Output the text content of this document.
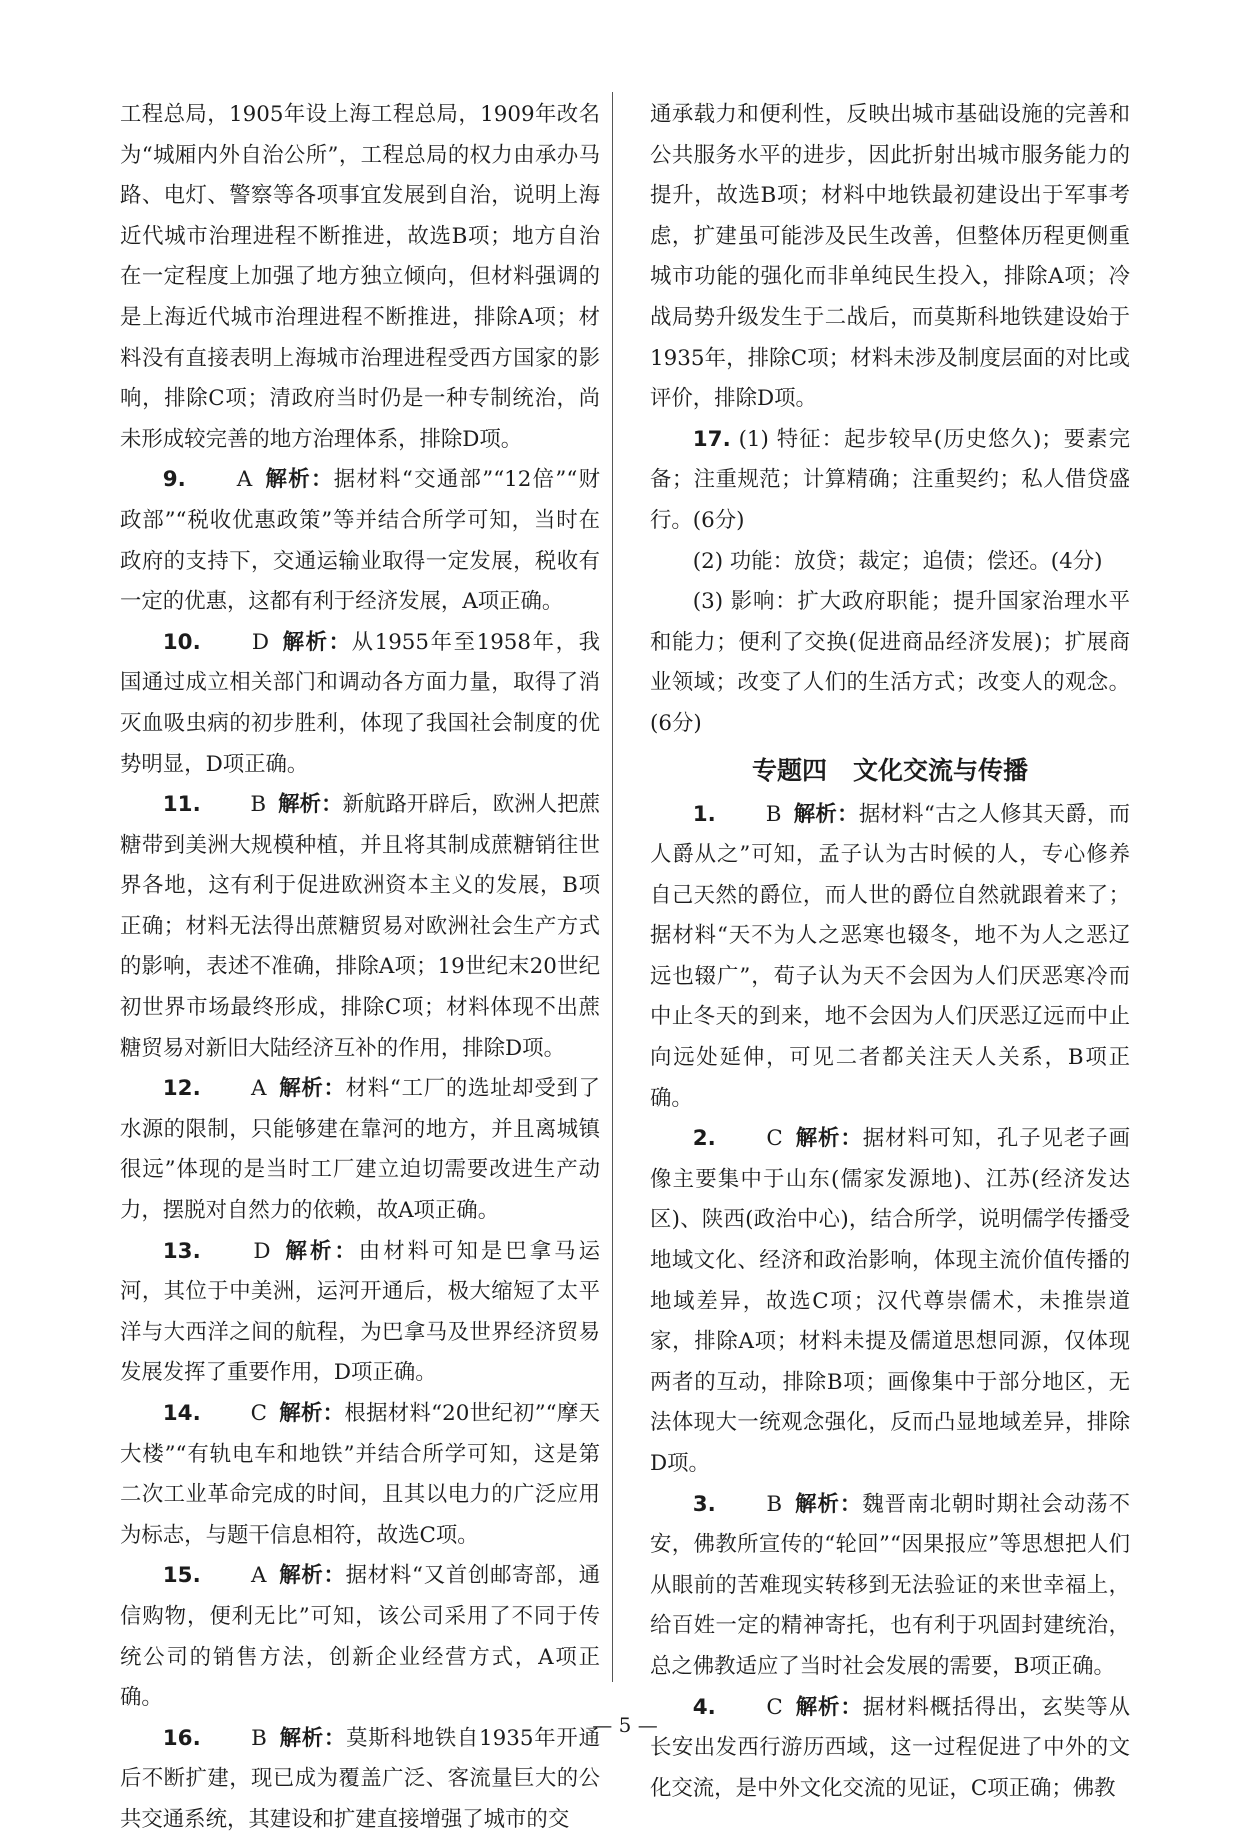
工程总局，1905年设上海工程总局，1909年改名为“城厢内外自治公所”，工程总局的权力由承办马路、电灯、警察等各项事宜发展到自治，说明上海近代城市治理进程不断推进，故选B项；地方自治在一定程度上加强了地方独立倾向，但材料强调的是上海近代城市治理进程不断推进，排除A项；材料没有直接表明上海城市治理进程受西方国家的影响，排除C项；清政府当时仍是一种专制统治，尚未形成较完善的地方治理体系，排除D项。

9. A 解析：据材料“交通部”“12倍”“财政部”“税收优惠政策”等并结合所学可知，当时在政府的支持下，交通运输业取得一定发展，税收有一定的优惠，这都有利于经济发展，A项正确。

10. D 解析：从1955年至1958年，我国通过成立相关部门和调动各方面力量，取得了消灭血吸虫病的初步胜利，体现了我国社会制度的优势明显，D项正确。

11. B 解析：新航路开辟后，欧洲人把蔗糖带到美洲大规模种植，并且将其制成蔗糖销往世界各地，这有利于促进欧洲资本主义的发展，B项正确；材料无法得出蔗糖贸易对欧洲社会生产方式的影响，表述不准确，排除A项；19世纪末20世纪初世界市场最终形成，排除C项；材料体现不出蔗糖贸易对新旧大陆经济互补的作用，排除D项。

12. A 解析：材料“工厂的选址却受到了水源的限制，只能够建在靠河的地方，并且离城镇很远”体现的是当时工厂建立迫切需要改进生产动力，摆脱对自然力的依赖，故A项正确。

13. D 解析：由材料可知是巴拿马运河，其位于中美洲，运河开通后，极大缩短了太平洋与大西洋之间的航程，为巴拿马及世界经济贸易发展发挥了重要作用，D项正确。

14. C 解析：根据材料“20世纪初”“摩天大楼”“有轨电车和地铁”并结合所学可知，这是第二次工业革命完成的时间，且其以电力的广泛应用为标志，与题干信息相符，故选C项。

15. A 解析：据材料“又首创邮寄部，通信购物，便利无比”可知，该公司采用了不同于传统公司的销售方法，创新企业经营方式，A项正确。

16. B 解析：莫斯科地铁自1935年开通后不断扩建，现已成为覆盖广泛、客流量巨大的公共交通系统，其建设和扩建直接增强了城市的交

通承载力和便利性，反映出城市基础设施的完善和公共服务水平的进步，因此折射出城市服务能力的提升，故选B项；材料中地铁最初建设出于军事考虑，扩建虽可能涉及民生改善，但整体历程更侧重城市功能的强化而非单纯民生投入，排除A项；冷战局势升级发生于二战后，而莫斯科地铁建设始于1935年，排除C项；材料未涉及制度层面的对比或评价，排除D项。

17. (1) 特征：起步较早(历史悠久)；要素完备；注重规范；计算精确；注重契约；私人借贷盛行。(6分)

(2) 功能：放贷；裁定；追债；偿还。(4分)

(3) 影响：扩大政府职能；提升国家治理水平和能力；便利了交换(促进商品经济发展)；扩展商业领域；改变了人们的生活方式；改变人的观念。(6分)

专题四 文化交流与传播

1. B 解析：据材料“古之人修其天爵，而人爵从之”可知，孟子认为古时候的人，专心修养自己天然的爵位，而人世的爵位自然就跟着来了；据材料“天不为人之恶寒也辍冬，地不为人之恶辽远也辍广”，荀子认为天不会因为人们厌恶寒冷而中止冬天的到来，地不会因为人们厌恶辽远而中止向远处延伸，可见二者都关注天人关系，B项正确。

2. C 解析：据材料可知，孔子见老子画像主要集中于山东(儒家发源地)、江苏(经济发达区)、陕西(政治中心)，结合所学，说明儒学传播受地域文化、经济和政治影响，体现主流价值传播的地域差异，故选C项；汉代尊崇儒术，未推崇道家，排除A项；材料未提及儒道思想同源，仅体现两者的互动，排除B项；画像集中于部分地区，无法体现大一统观念强化，反而凸显地域差异，排除D项。

3. B 解析：魏晋南北朝时期社会动荡不安，佛教所宣传的“轮回”“因果报应”等思想把人们从眼前的苦难现实转移到无法验证的来世幸福上，给百姓一定的精神寄托，也有利于巩固封建统治，总之佛教适应了当时社会发展的需要，B项正确。

4. C 解析：据材料概括得出，玄奘等从长安出发西行游历西域，这一过程促进了中外的文化交流，是中外文化交流的见证，C项正确；佛教

— 5 —
